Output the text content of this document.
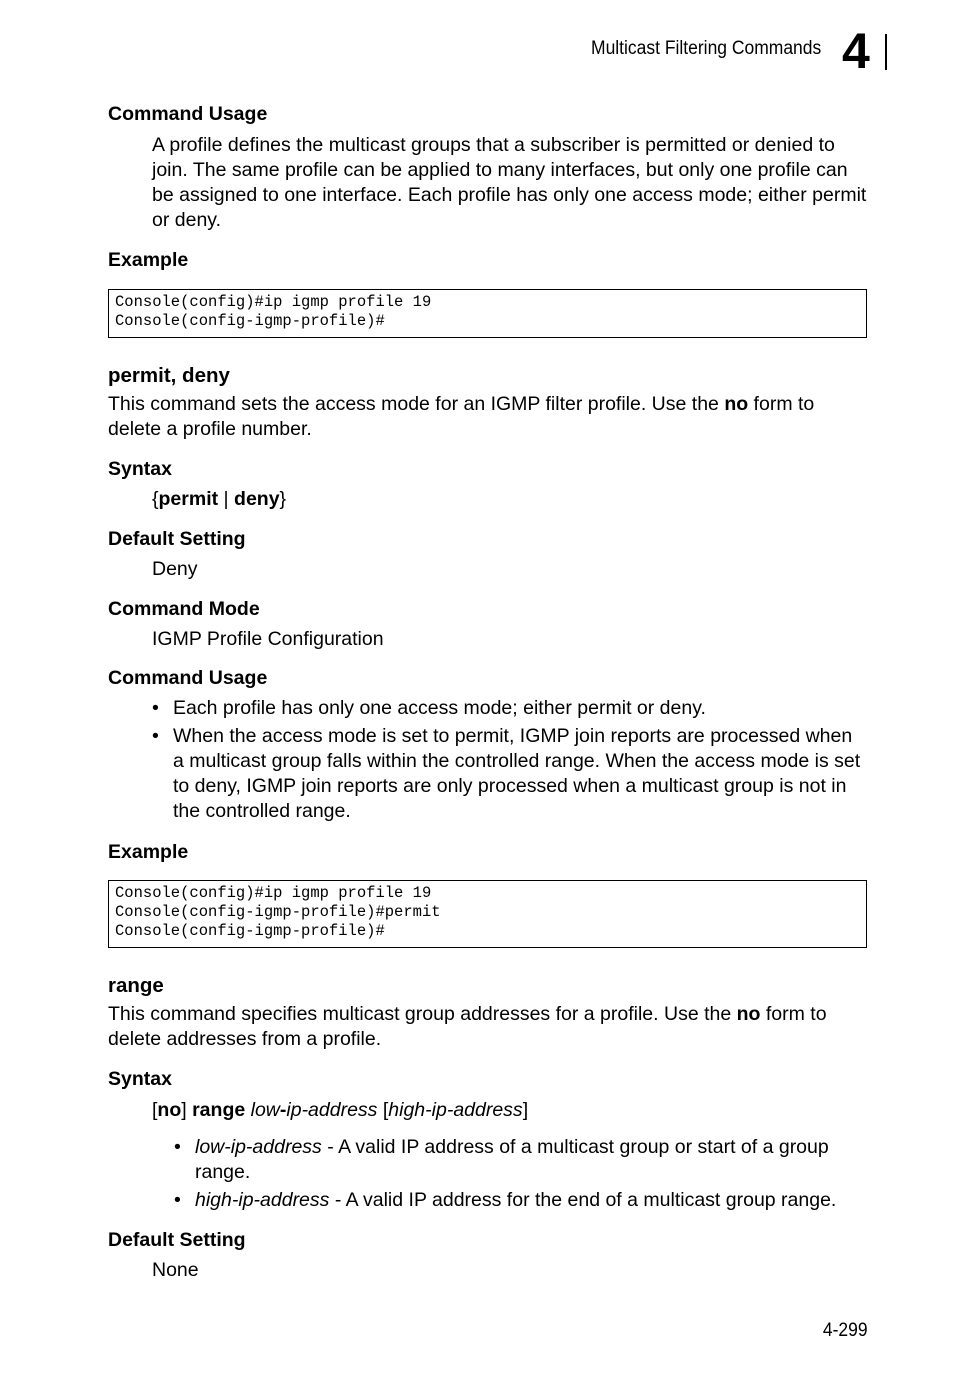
Multicast Filtering Commands 4
Command Usage
A profile defines the multicast groups that a subscriber is permitted or denied to join. The same profile can be applied to many interfaces, but only one profile can be assigned to one interface. Each profile has only one access mode; either permit or deny.
Example
Console(config)#ip igmp profile 19
Console(config-igmp-profile)#
permit, deny
This command sets the access mode for an IGMP filter profile. Use the no form to delete a profile number.
Syntax
{permit | deny}
Default Setting
Deny
Command Mode
IGMP Profile Configuration
Command Usage
• Each profile has only one access mode; either permit or deny.
• When the access mode is set to permit, IGMP join reports are processed when a multicast group falls within the controlled range. When the access mode is set to deny, IGMP join reports are only processed when a multicast group is not in the controlled range.
Example
Console(config)#ip igmp profile 19
Console(config-igmp-profile)#permit
Console(config-igmp-profile)#
range
This command specifies multicast group addresses for a profile. Use the no form to delete addresses from a profile.
Syntax
[no] range low-ip-address [high-ip-address]
• low-ip-address - A valid IP address of a multicast group or start of a group range.
• high-ip-address - A valid IP address for the end of a multicast group range.
Default Setting
None
4-299
